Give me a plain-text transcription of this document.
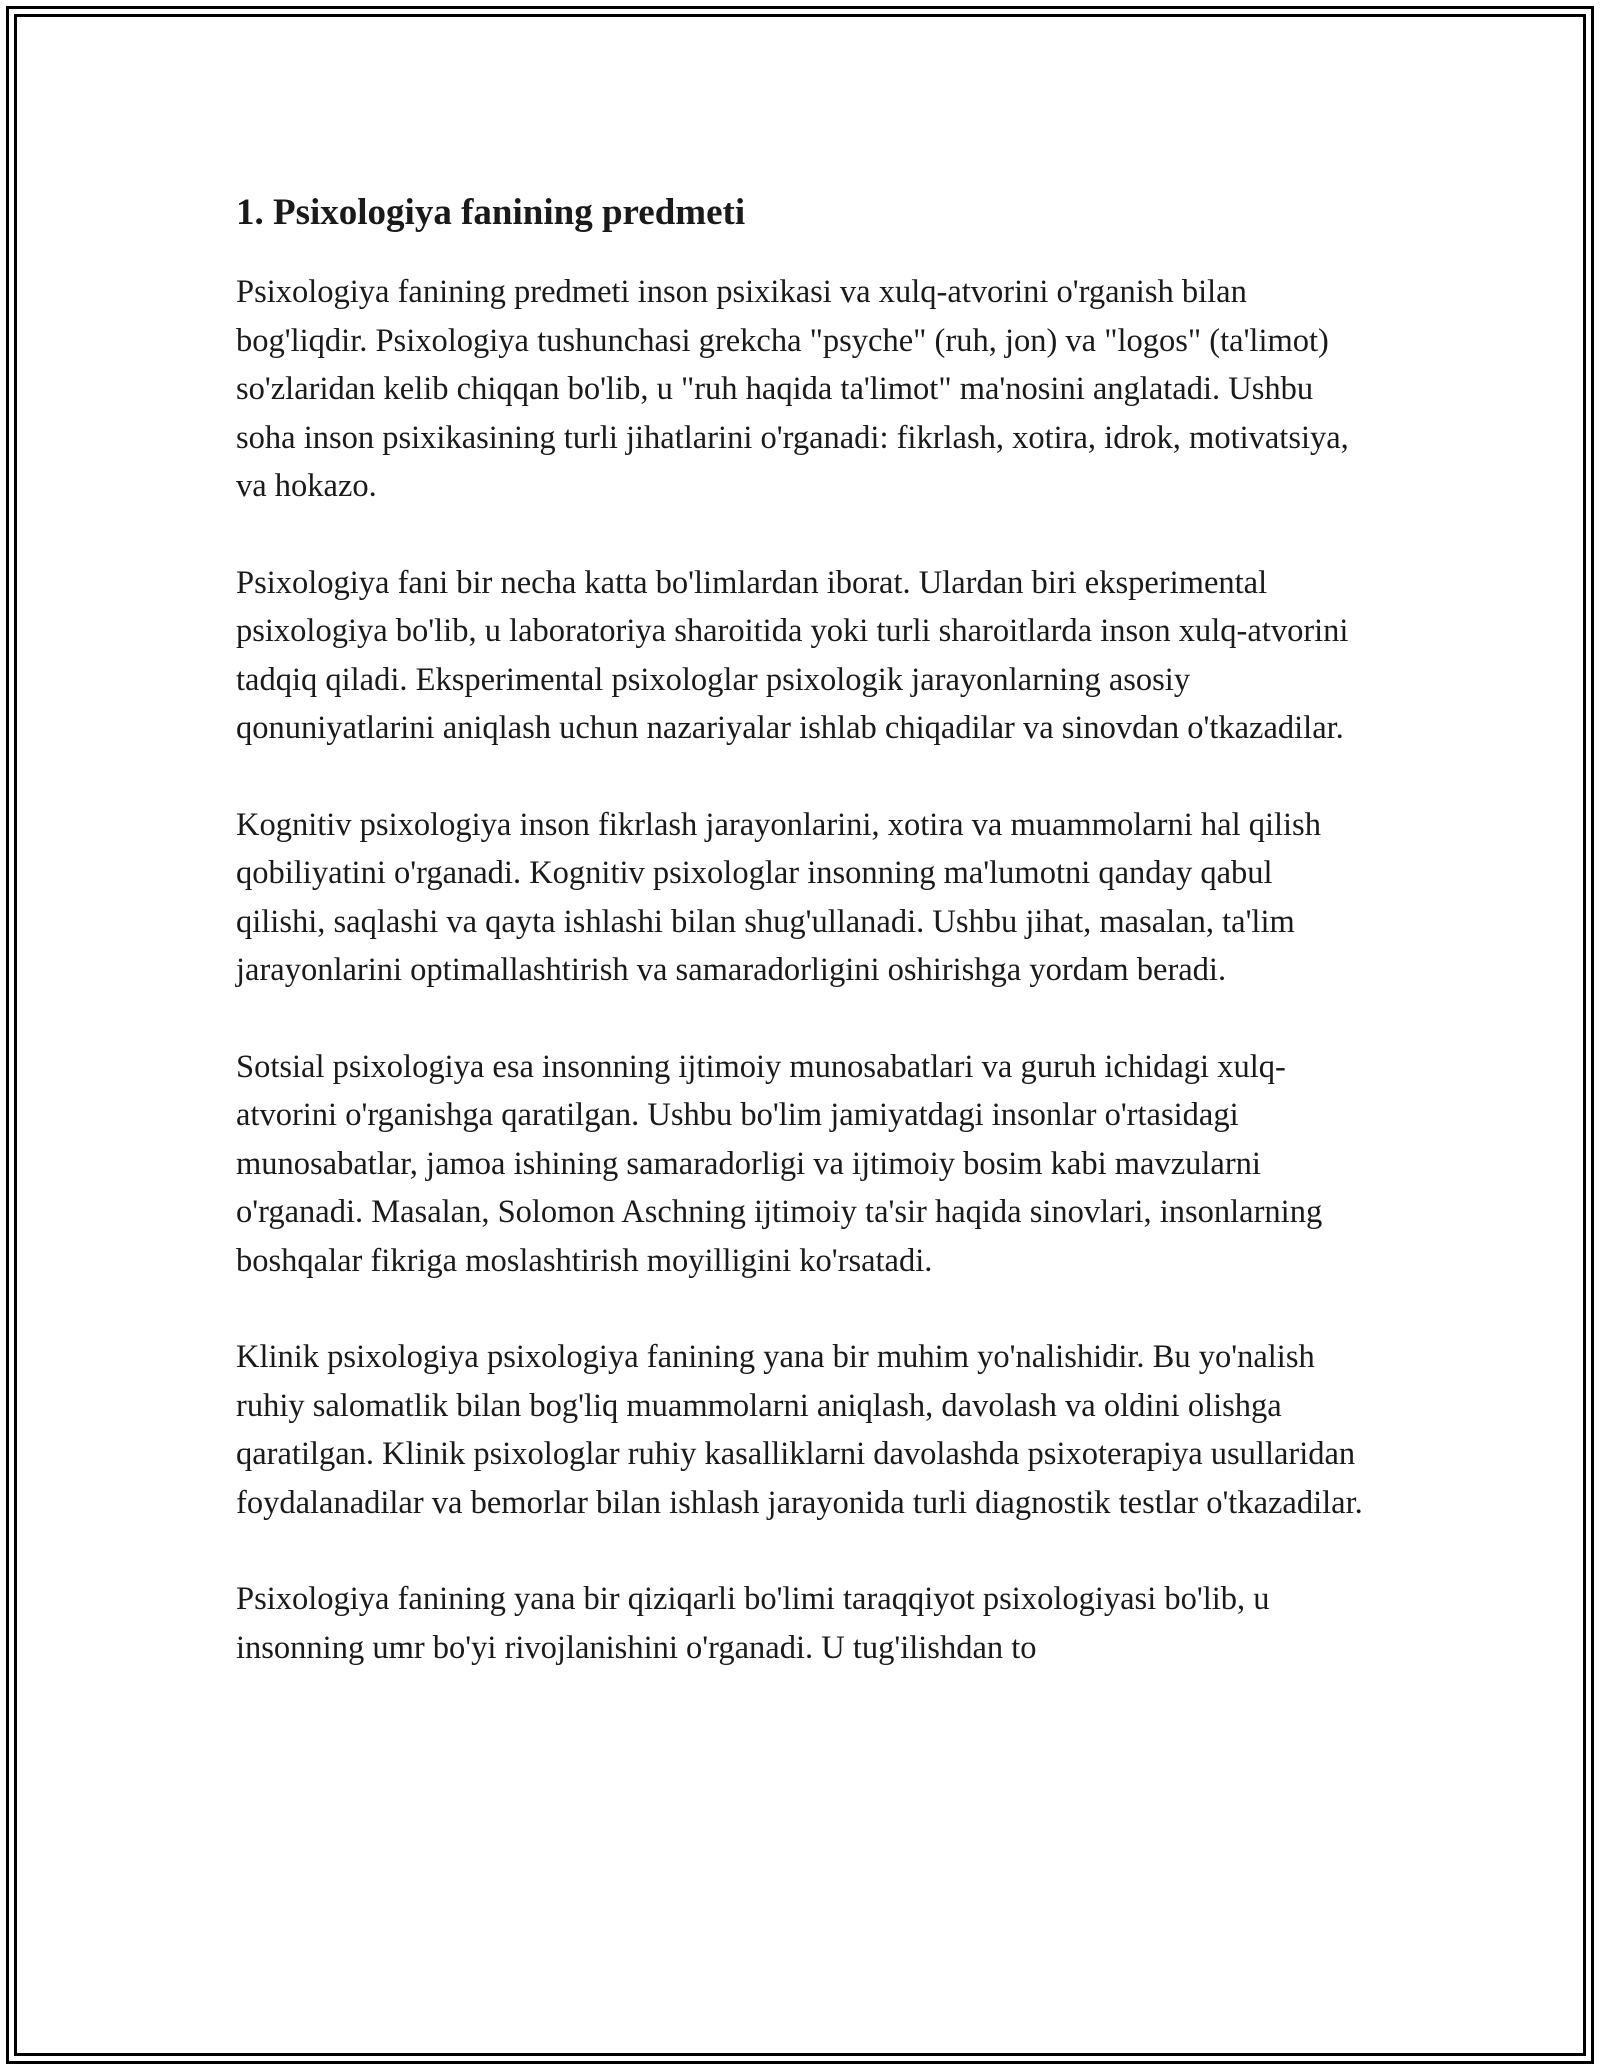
1. Psixologiya fanining predmeti

Psixologiya fanining predmeti inson psixikasi va xulq-atvorini o'rganish bilan bog'liqdir. Psixologiya tushunchasi grekcha "psyche" (ruh, jon) va "logos" (ta'limot) so'zlaridan kelib chiqqan bo'lib, u "ruh haqida ta'limot" ma'nosini anglatadi. Ushbu soha inson psixikasining turli jihatlarini o'rganadi: fikrlash, xotira, idrok, motivatsiya, va hokazo.

Psixologiya fani bir necha katta bo'limlardan iborat. Ulardan biri eksperimental psixologiya bo'lib, u laboratoriya sharoitida yoki turli sharoitlarda inson xulq-atvorini tadqiq qiladi. Eksperimental psixologlar psixologik jarayonlarning asosiy qonuniyatlarini aniqlash uchun nazariyalar ishlab chiqadilar va sinovdan o'tkazadilar.

Kognitiv psixologiya inson fikrlash jarayonlarini, xotira va muammolarni hal qilish qobiliyatini o'rganadi. Kognitiv psixologlar insonning ma'lumotni qanday qabul qilishi, saqlashi va qayta ishlashi bilan shug'ullanadi. Ushbu jihat, masalan, ta'lim jarayonlarini optimallashtirish va samaradorligini oshirishga yordam beradi.

Sotsial psixologiya esa insonning ijtimoiy munosabatlari va guruh ichidagi xulq-atvorini o'rganishga qaratilgan. Ushbu bo'lim jamiyatdagi insonlar o'rtasidagi munosabatlar, jamoa ishining samaradorligi va ijtimoiy bosim kabi mavzularni o'rganadi. Masalan, Solomon Aschning ijtimoiy ta'sir haqida sinovlari, insonlarning boshqalar fikriga moslashtirish moyilligini ko'rsatadi.

Klinik psixologiya psixologiya fanining yana bir muhim yo'nalishidir. Bu yo'nalish ruhiy salomatlik bilan bog'liq muammolarni aniqlash, davolash va oldini olishga qaratilgan. Klinik psixologlar ruhiy kasalliklarni davolashda psixoterapiya usullaridan foydalanadilar va bemorlar bilan ishlash jarayonida turli diagnostik testlar o'tkazadilar.

Psixologiya fanining yana bir qiziqarli bo'limi taraqqiyot psixologiyasi bo'lib, u insonning umr bo'yi rivojlanishini o'rganadi. U tug'ilishdan to
